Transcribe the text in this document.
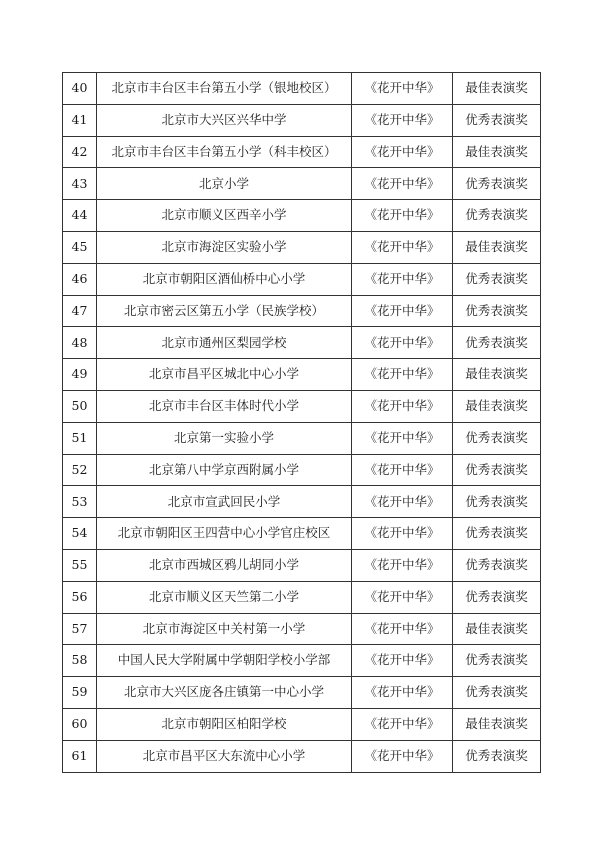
40	北京市丰台区丰台第五小学（银地校区）	《花开中华》	最佳表演奖
41	北京市大兴区兴华中学	《花开中华》	优秀表演奖
42	北京市丰台区丰台第五小学（科丰校区）	《花开中华》	最佳表演奖
43	北京小学	《花开中华》	优秀表演奖
44	北京市顺义区西辛小学	《花开中华》	优秀表演奖
45	北京市海淀区实验小学	《花开中华》	最佳表演奖
46	北京市朝阳区酒仙桥中心小学	《花开中华》	优秀表演奖
47	北京市密云区第五小学（民族学校）	《花开中华》	优秀表演奖
48	北京市通州区梨园学校	《花开中华》	优秀表演奖
49	北京市昌平区城北中心小学	《花开中华》	最佳表演奖
50	北京市丰台区丰体时代小学	《花开中华》	最佳表演奖
51	北京第一实验小学	《花开中华》	优秀表演奖
52	北京第八中学京西附属小学	《花开中华》	优秀表演奖
53	北京市宣武回民小学	《花开中华》	优秀表演奖
54	北京市朝阳区王四营中心小学官庄校区	《花开中华》	优秀表演奖
55	北京市西城区鸦儿胡同小学	《花开中华》	优秀表演奖
56	北京市顺义区天竺第二小学	《花开中华》	优秀表演奖
57	北京市海淀区中关村第一小学	《花开中华》	最佳表演奖
58	中国人民大学附属中学朝阳学校小学部	《花开中华》	优秀表演奖
59	北京市大兴区庞各庄镇第一中心小学	《花开中华》	优秀表演奖
60	北京市朝阳区柏阳学校	《花开中华》	最佳表演奖
61	北京市昌平区大东流中心小学	《花开中华》	优秀表演奖
